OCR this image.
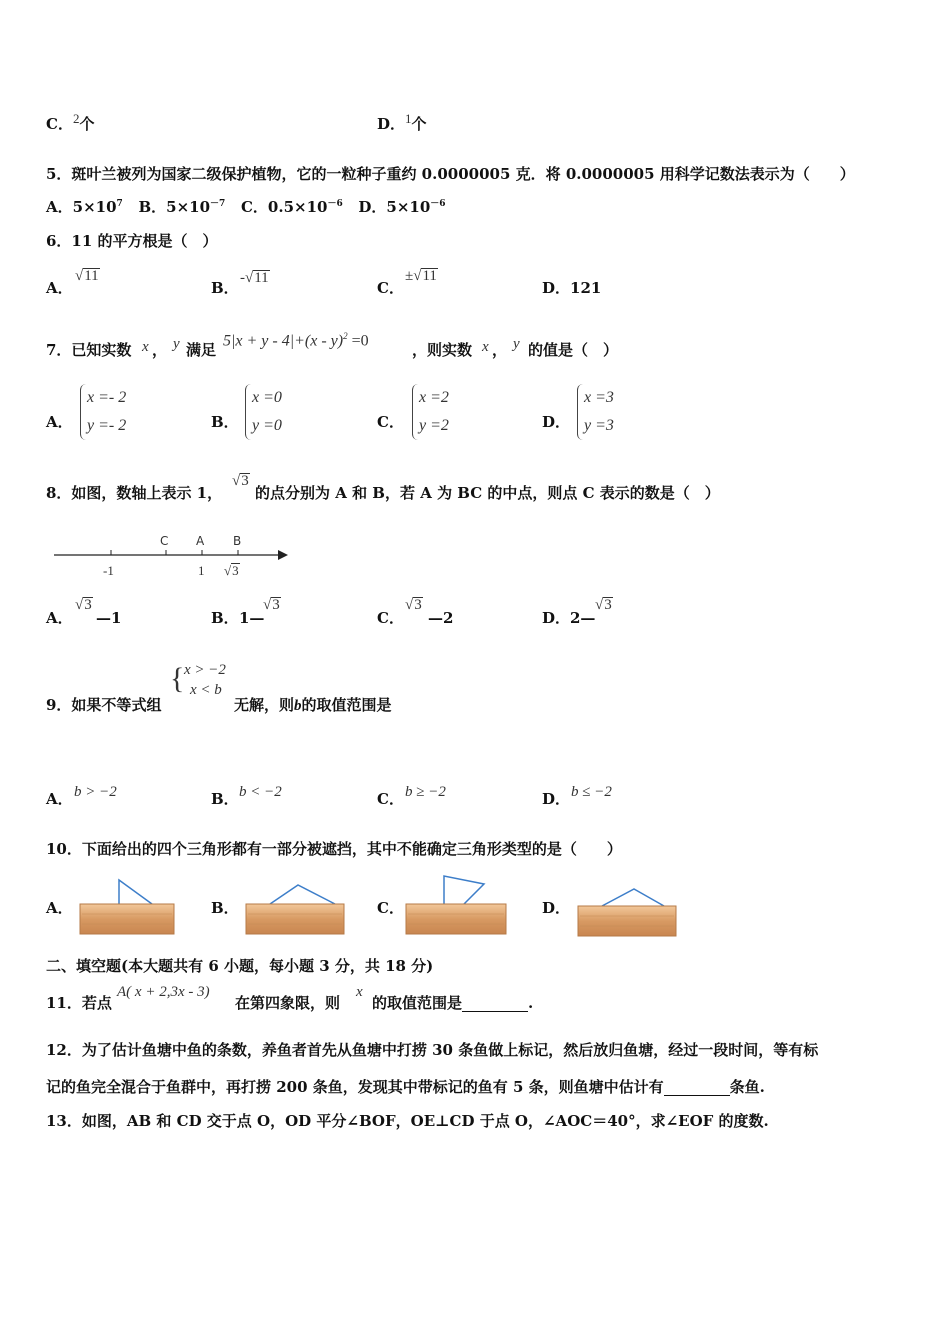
C．2个	D．1个
5．斑叶兰被列为国家二级保护植物，它的一粒种子重约 0.0000005 克．将 0.0000005 用科学记数法表示为（　　）
A．$5\times 10^7$ B．$5\times 10^{-7}$ C．$0.5\times 10^{-6}$ D．$5\times 10^{-6}$
6．11 的平方根是（　）
A．
√11
B．
-√11
C．
±√11
D．121
7．已知实数 x ， y 满足
5|x + y - 4|+(x - y)$^2$ =0
，则实数 x ， y 的值是（　）
A．
x =- 2
y =- 2	B．
x =0
y =0	C．
x =2
y =2	D．
x =3
y =3
8．如图，数轴上表示 1，
√3
的点分别为 A 和 B，若 A 为 BC 的中点，则点 C 表示的数是（　）
C A B
-1	1 √3
A．
√3
—1	B． 1—
√3
C．
√3
—2	D． 2—
√3
{ x > −2
x < b
9．如果不等式组	无解，则b的取值范围是
A． b > −2	B． b < −2	C． b ≥ −2	D． b ≤ −2
10．下面给出的四个三角形都有一部分被遮挡，其中不能确定三角形类型的是（　　）
A．	B．	C．	D．
二、填空题(本大题共有 6 小题，每小题 3 分，共 18 分)
11．若点
A( x + 2,3x - 3)
在第四象限，则
x
的取值范围是	.
12．为了估计鱼塘中鱼的条数，养鱼者首先从鱼塘中打捞 30 条鱼做上标记，然后放归鱼塘，经过一段时间，等有标
记的鱼完全混合于鱼群中，再打捞 200 条鱼，发现其中带标记的鱼有 5 条，则鱼塘中估计有	条鱼.
13．如图，AB 和 CD 交于点 O，OD 平分∠BOF，OE⊥CD 于点 O，∠AOC＝40°，求∠EOF 的度数.
